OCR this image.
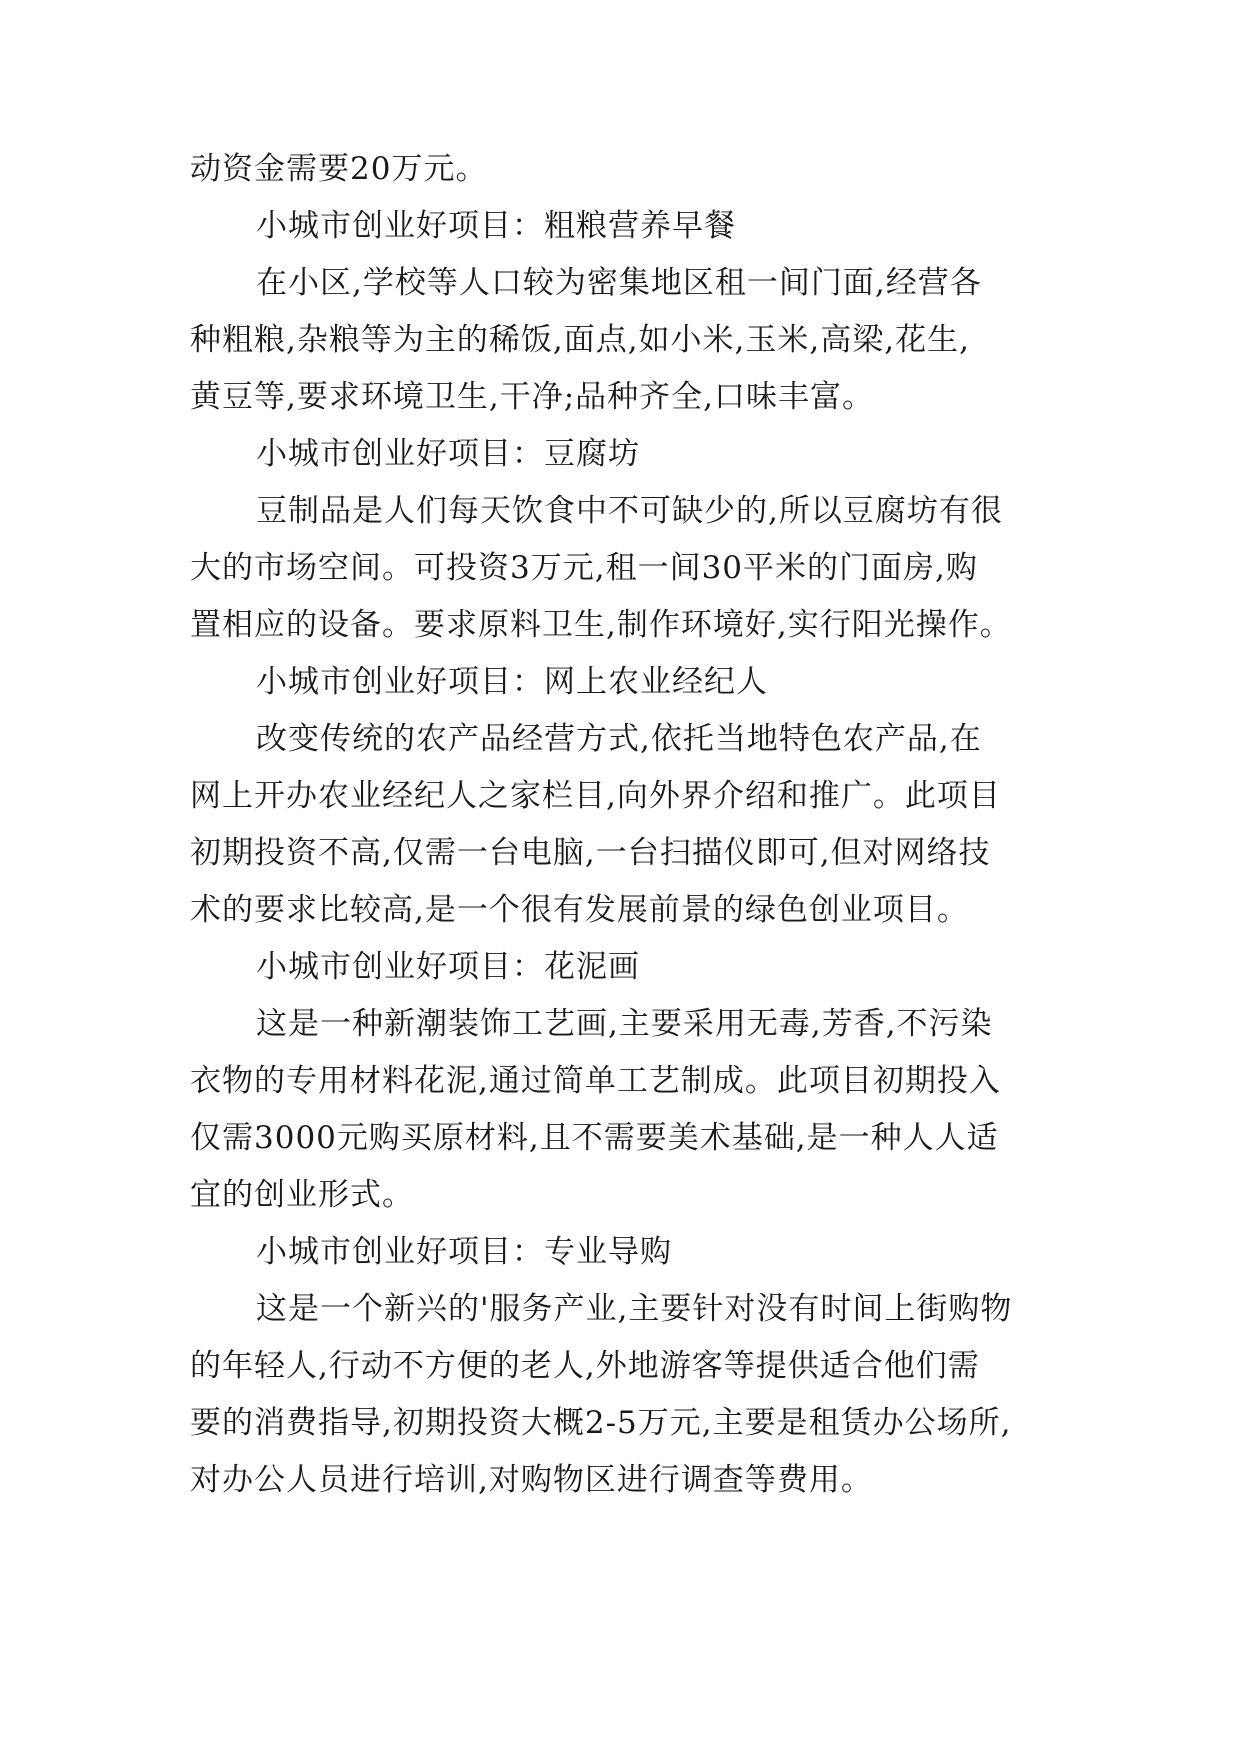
动资金需要20万元。
小城市创业好项目：粗粮营养早餐
在小区,学校等人口较为密集地区租一间门面,经营各
种粗粮,杂粮等为主的稀饭,面点,如小米,玉米,高梁,花生,
黄豆等,要求环境卫生,干净;品种齐全,口味丰富。
小城市创业好项目：豆腐坊
豆制品是人们每天饮食中不可缺少的,所以豆腐坊有很
大的市场空间。可投资3万元,租一间30平米的门面房,购
置相应的设备。要求原料卫生,制作环境好,实行阳光操作。
小城市创业好项目：网上农业经纪人
改变传统的农产品经营方式,依托当地特色农产品,在
网上开办农业经纪人之家栏目,向外界介绍和推广。此项目
初期投资不高,仅需一台电脑,一台扫描仪即可,但对网络技
术的要求比较高,是一个很有发展前景的绿色创业项目。
小城市创业好项目：花泥画
这是一种新潮装饰工艺画,主要采用无毒,芳香,不污染
衣物的专用材料花泥,通过简单工艺制成。此项目初期投入
仅需3000元购买原材料,且不需要美术基础,是一种人人适
宜的创业形式。
小城市创业好项目：专业导购
这是一个新兴的'服务产业,主要针对没有时间上街购物
的年轻人,行动不方便的老人,外地游客等提供适合他们需
要的消费指导,初期投资大概2-5万元,主要是租赁办公场所,
对办公人员进行培训,对购物区进行调查等费用。
